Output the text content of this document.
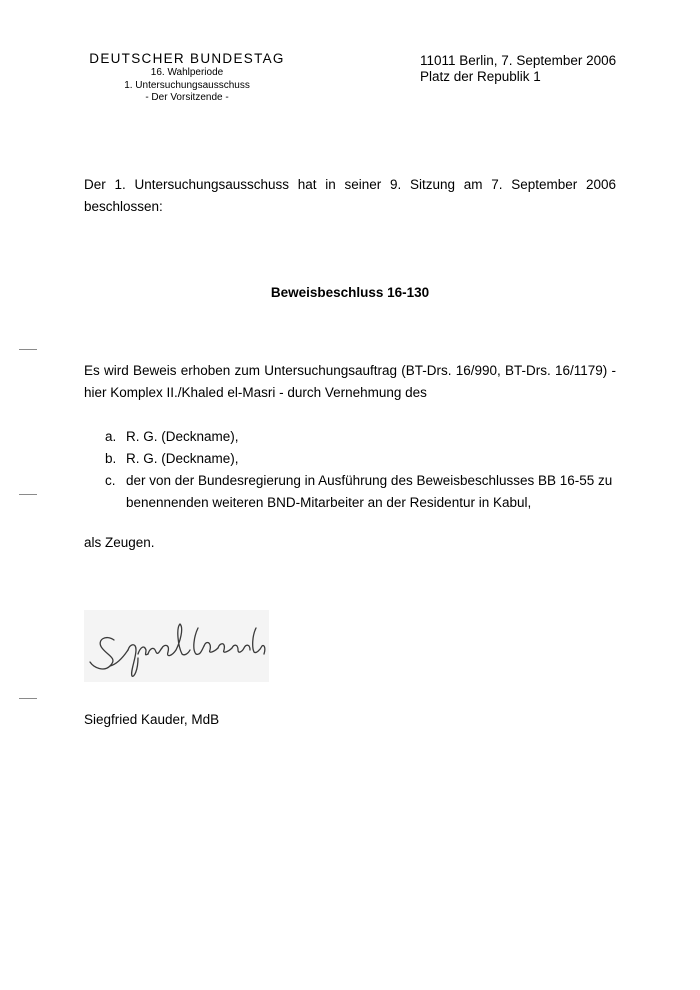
DEUTSCHER BUNDESTAG
16. Wahlperiode
1. Untersuchungsausschuss
- Der Vorsitzende -
11011 Berlin, 7. September 2006
Platz der Republik 1
Der 1. Untersuchungsausschuss hat in seiner 9. Sitzung am 7. September 2006 beschlossen:
Beweisbeschluss 16-130
Es wird Beweis erhoben zum Untersuchungsauftrag (BT-Drs. 16/990, BT-Drs. 16/1179) - hier Komplex II./Khaled el-Masri - durch Vernehmung des
a. R. G. (Deckname),
b. R. G. (Deckname),
c. der von der Bundesregierung in Ausführung des Beweisbeschlusses BB 16-55 zu benennenden weiteren BND-Mitarbeiter an der Residentur in Kabul,
als Zeugen.
Siegfried Kauder, MdB
